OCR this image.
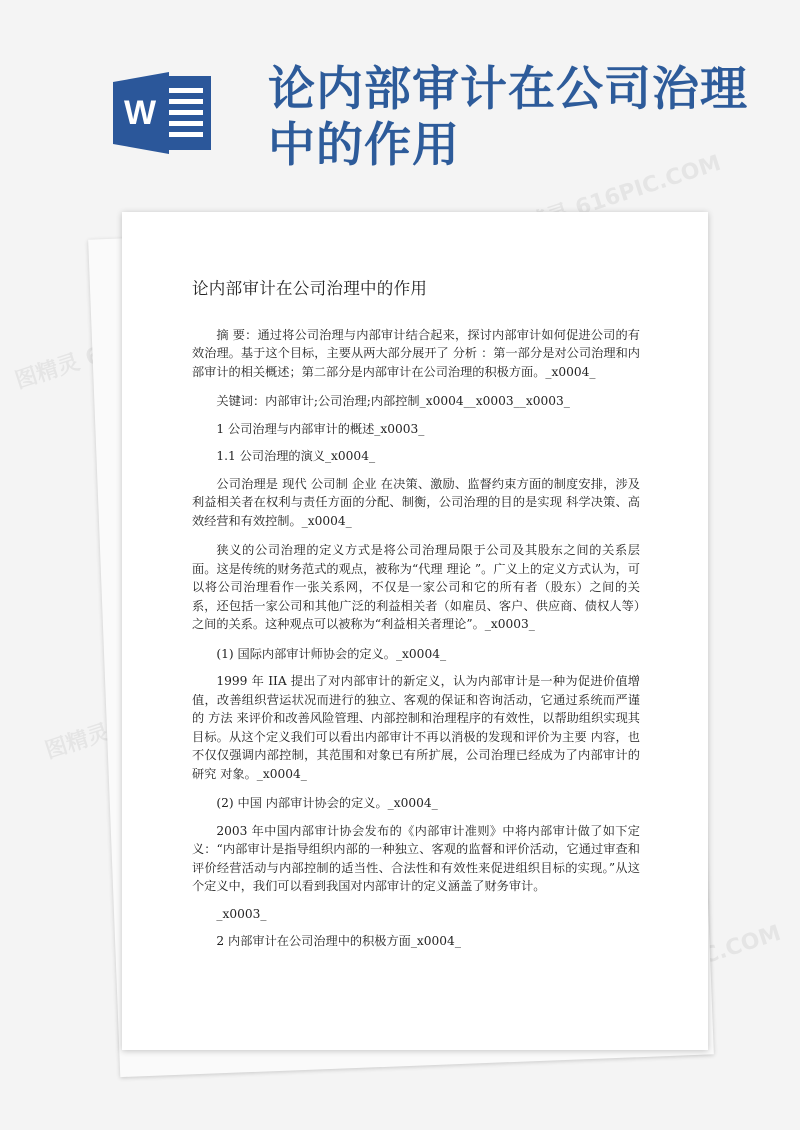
W 论内部审计在公司治理中的作用
图精灵
图精灵 616PIC.COM
图精灵
论内部审计在公司治理中的作用

摘 要：通过将公司治理与内部审计结合起来，探讨内部审计如何促进公司的有效治理。基于这个目标，主要从两大部分展开了 分析 ：第一部分是对公司治理和内部审计的相关概述；第二部分是内部审计在公司治理的积极方面。_x0004_

关键词：内部审计;公司治理;内部控制_x0004__x0003__x0003_

1 公司治理与内部审计的概述_x0003_

1.1 公司治理的演义_x0004_

公司治理是 现代 公司制 企业 在决策、激励、监督约束方面的制度安排，涉及利益相关者在权利与责任方面的分配、制衡，公司治理的目的是实现 科学决策、高效经营和有效控制。_x0004_

狭义的公司治理的定义方式是将公司治理局限于公司及其股东之间的关系层面。这是传统的财务范式的观点，被称为“代理 理论 ”。广义上的定义方式认为，可以将公司治理看作一张关系网，不仅是一家公司和它的所有者（股东）之间的关系，还包括一家公司和其他广泛的利益相关者（如雇员、客户、供应商、债权人等）之间的关系。这种观点可以被称为“利益相关者理论”。_x0003_

(1) 国际内部审计师协会的定义。_x0004_

1999 年 IIA 提出了对内部审计的新定义，认为内部审计是一种为促进价值增值，改善组织营运状况而进行的独立、客观的保证和咨询活动，它通过系统而严谨的 方法 来评价和改善风险管理、内部控制和治理程序的有效性，以帮助组织实现其目标。从这个定义我们可以看出内部审计不再以消极的发现和评价为主要 内容，也不仅仅强调内部控制，其范围和对象已有所扩展，公司治理已经成为了内部审计的 研究 对象。_x0004_

(2) 中国 内部审计协会的定义。_x0004_

2003 年中国内部审计协会发布的《内部审计准则》中将内部审计做了如下定义：“内部审计是指导组织内部的一种独立、客观的监督和评价活动，它通过审查和评价经营活动与内部控制的适当性、合法性和有效性来促进组织目标的实现。”从这个定义中，我们可以看到我国对内部审计的定义涵盖了财务审计。

_x0003_

2 内部审计在公司治理中的积极方面_x0004_
